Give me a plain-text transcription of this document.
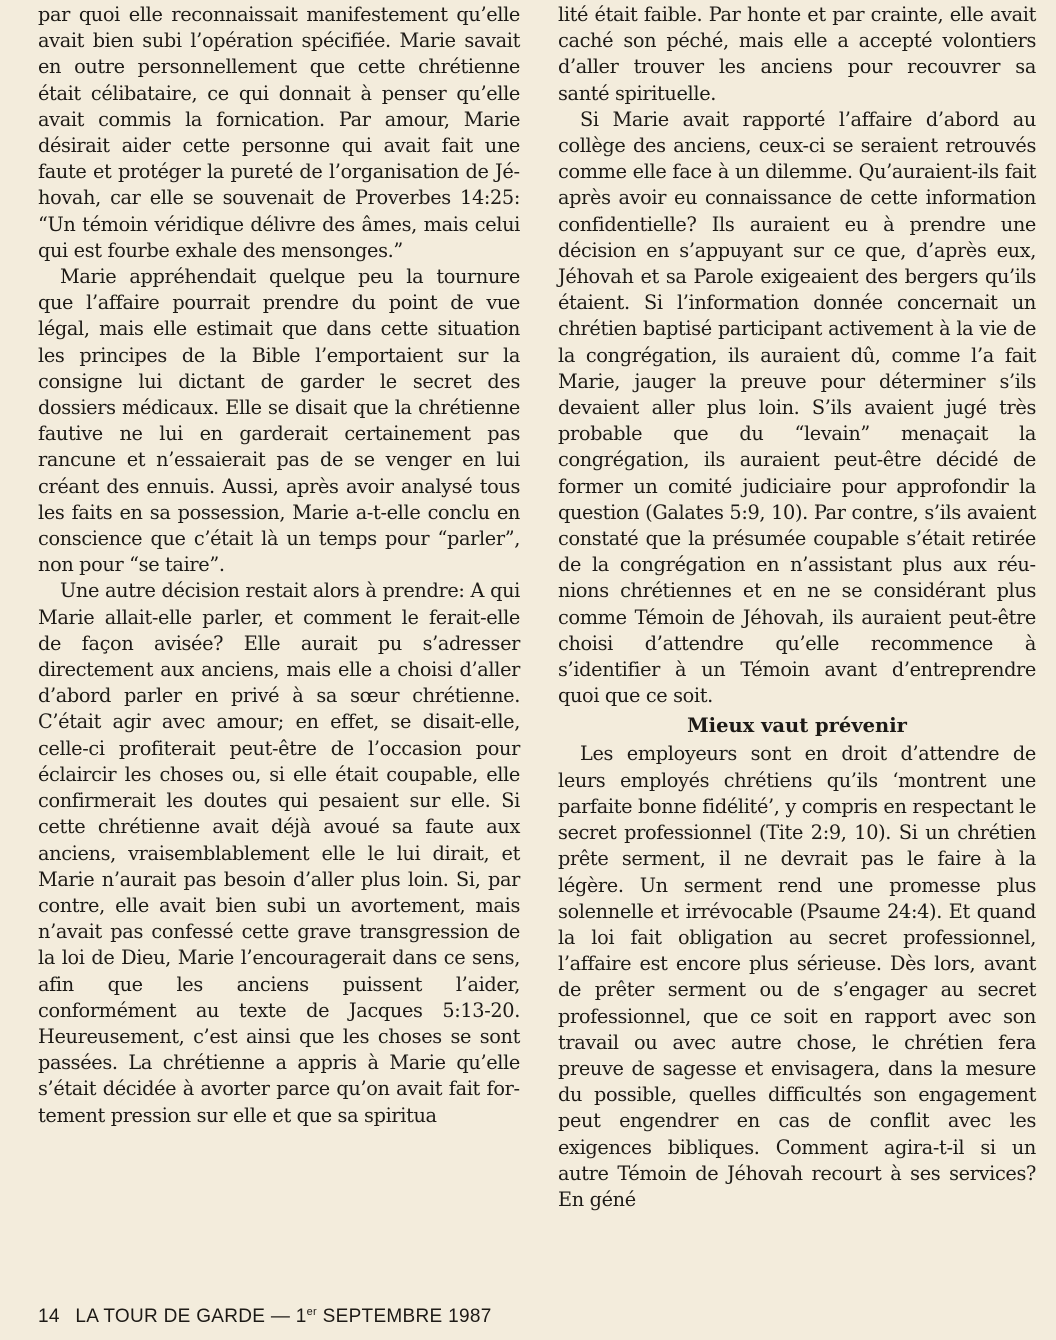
par quoi elle reconnaissait manifestement qu’elle avait bien subi l’opération spécifiée. Marie savait en outre personnellement que cette chrétienne était célibataire, ce qui donnait à penser qu’elle avait commis la fornication. Par amour, Marie désirait aider cette personne qui avait fait une faute et protéger la pureté de l’organisation de Jéhovah, car elle se souvenait de Proverbes 14:25: “Un témoin véridique délivre des âmes, mais celui qui est fourbe exhale des mensonges.”

Marie appréhendait quelque peu la tournure que l’affaire pourrait prendre du point de vue légal, mais elle estimait que dans cette situation les principes de la Bible l’emportaient sur la consigne lui dictant de garder le secret des dossiers médicaux. Elle se disait que la chrétienne fautive ne lui en garderait certainement pas rancune et n’essaierait pas de se venger en lui créant des ennuis. Aussi, après avoir analysé tous les faits en sa possession, Marie a-t-elle conclu en conscience que c’était là un temps pour “parler”, non pour “se taire”.

Une autre décision restait alors à prendre: A qui Marie allait-elle parler, et comment le ferait-elle de façon avisée? Elle aurait pu s’adresser directement aux anciens, mais elle a choisi d’aller d’abord parler en privé à sa sœur chrétienne. C’était agir avec amour; en effet, se disait-elle, celle-ci profiterait peut-être de l’occasion pour éclaircir les choses ou, si elle était coupable, elle confirmerait les doutes qui pesaient sur elle. Si cette chrétienne avait déjà avoué sa faute aux anciens, vraisemblablement elle le lui dirait, et Marie n’aurait pas besoin d’aller plus loin. Si, par contre, elle avait bien subi un avortement, mais n’avait pas confessé cette grave transgression de la loi de Dieu, Marie l’encouragerait dans ce sens, afin que les anciens puissent l’aider, conformément au texte de Jacques 5:13-20. Heureusement, c’est ainsi que les choses se sont passées. La chrétienne a appris à Marie qu’elle s’était décidée à avorter parce qu’on avait fait fortement pression sur elle et que sa spiritua

lité était faible. Par honte et par crainte, elle avait caché son péché, mais elle a accepté volontiers d’aller trouver les anciens pour recouvrer sa santé spirituelle.

Si Marie avait rapporté l’affaire d’abord au collège des anciens, ceux-ci se seraient retrouvés comme elle face à un dilemme. Qu’auraient-ils fait après avoir eu connaissance de cette information confidentielle? Ils auraient eu à prendre une décision en s’appuyant sur ce que, d’après eux, Jéhovah et sa Parole exigeaient des bergers qu’ils étaient. Si l’information donnée concernait un chrétien baptisé participant activement à la vie de la congrégation, ils auraient dû, comme l’a fait Marie, jauger la preuve pour déterminer s’ils devaient aller plus loin. S’ils avaient jugé très probable que du “levain” menaçait la congrégation, ils auraient peut-être décidé de former un comité judiciaire pour approfondir la question (Galates 5:9, 10). Par contre, s’ils avaient constaté que la présumée coupable s’était retirée de la congrégation en n’assistant plus aux réunions chrétiennes et en ne se considérant plus comme Témoin de Jéhovah, ils auraient peut-être choisi d’attendre qu’elle recommence à s’identifier à un Témoin avant d’entreprendre quoi que ce soit.

Mieux vaut prévenir

Les employeurs sont en droit d’attendre de leurs employés chrétiens qu’ils ‘montrent une parfaite bonne fidélité’, y compris en respectant le secret professionnel (Tite 2:9, 10). Si un chrétien prête serment, il ne devrait pas le faire à la légère. Un serment rend une promesse plus solennelle et irrévocable (Psaume 24:4). Et quand la loi fait obligation au secret professionnel, l’affaire est encore plus sérieuse. Dès lors, avant de prêter serment ou de s’engager au secret professionnel, que ce soit en rapport avec son travail ou avec autre chose, le chrétien fera preuve de sagesse et envisagera, dans la mesure du possible, quelles difficultés son engagement peut engendrer en cas de conflit avec les exigences bibliques. Comment agira-t-il si un autre Témoin de Jéhovah recourt à ses services? En géné

14 LA TOUR DE GARDE — 1er SEPTEMBRE 1987
